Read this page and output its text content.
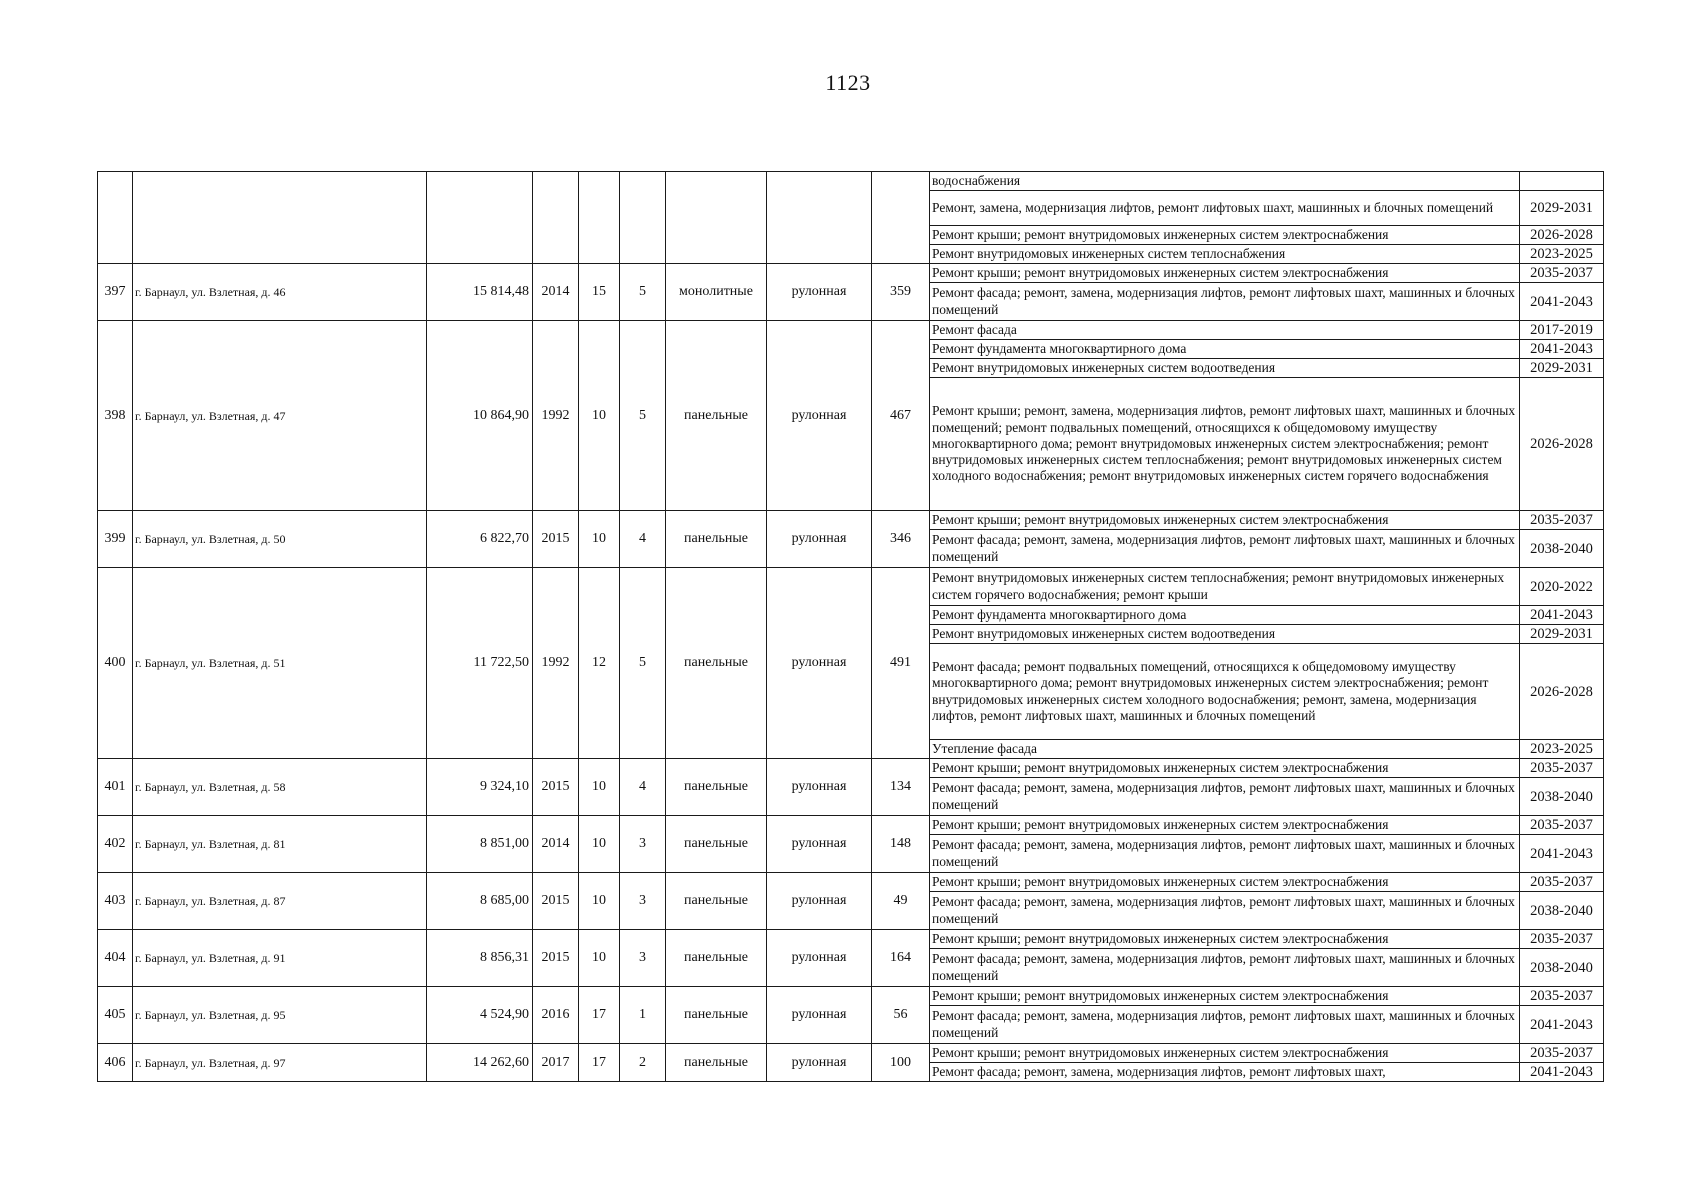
1123
									водоснабжения	
									Ремонт, замена, модернизация лифтов, ремонт лифтовых шахт, машинных и блочных помещений	2029-2031
									Ремонт крыши; ремонт внутридомовых инженерных систем электроснабжения	2026-2028
									Ремонт внутридомовых инженерных систем теплоснабжения	2023-2025
397	г. Барнаул, ул. Взлетная, д. 46	15 814,48	2014	15	5	монолитные	рулонная	359	Ремонт крыши; ремонт внутридомовых инженерных систем электроснабжения	2035-2037
									Ремонт фасада; ремонт, замена, модернизация лифтов, ремонт лифтовых шахт, машинных и блочных помещений	2041-2043
398	г. Барнаул, ул. Взлетная, д. 47	10 864,90	1992	10	5	панельные	рулонная	467	Ремонт фасада	2017-2019
									Ремонт фундамента многоквартирного дома	2041-2043
									Ремонт внутридомовых инженерных систем водоотведения	2029-2031
									Ремонт крыши; ремонт, замена, модернизация лифтов, ремонт лифтовых шахт, машинных и блочных помещений; ремонт подвальных помещений, относящихся к общедомовому имуществу многоквартирного дома; ремонт внутридомовых инженерных систем электроснабжения; ремонт внутридомовых инженерных систем теплоснабжения; ремонт внутридомовых инженерных систем холодного водоснабжения; ремонт внутридомовых инженерных систем горячего водоснабжения	2026-2028
399	г. Барнаул, ул. Взлетная, д. 50	6 822,70	2015	10	4	панельные	рулонная	346	Ремонт крыши; ремонт внутридомовых инженерных систем электроснабжения	2035-2037
									Ремонт фасада; ремонт, замена, модернизация лифтов, ремонт лифтовых шахт, машинных и блочных помещений	2038-2040
400	г. Барнаул, ул. Взлетная, д. 51	11 722,50	1992	12	5	панельные	рулонная	491	Ремонт внутридомовых инженерных систем теплоснабжения; ремонт внутридомовых инженерных систем горячего водоснабжения; ремонт крыши	2020-2022
									Ремонт фундамента многоквартирного дома	2041-2043
									Ремонт внутридомовых инженерных систем водоотведения	2029-2031
									Ремонт фасада; ремонт подвальных помещений, относящихся к общедомовому имуществу многоквартирного дома; ремонт внутридомовых инженерных систем электроснабжения; ремонт внутридомовых инженерных систем холодного водоснабжения; ремонт, замена, модернизация лифтов, ремонт лифтовых шахт, машинных и блочных помещений	2026-2028
									Утепление фасада	2023-2025
401	г. Барнаул, ул. Взлетная, д. 58	9 324,10	2015	10	4	панельные	рулонная	134	Ремонт крыши; ремонт внутридомовых инженерных систем электроснабжения	2035-2037
									Ремонт фасада; ремонт, замена, модернизация лифтов, ремонт лифтовых шахт, машинных и блочных помещений	2038-2040
402	г. Барнаул, ул. Взлетная, д. 81	8 851,00	2014	10	3	панельные	рулонная	148	Ремонт крыши; ремонт внутридомовых инженерных систем электроснабжения	2035-2037
									Ремонт фасада; ремонт, замена, модернизация лифтов, ремонт лифтовых шахт, машинных и блочных помещений	2041-2043
403	г. Барнаул, ул. Взлетная, д. 87	8 685,00	2015	10	3	панельные	рулонная	49	Ремонт крыши; ремонт внутридомовых инженерных систем электроснабжения	2035-2037
									Ремонт фасада; ремонт, замена, модернизация лифтов, ремонт лифтовых шахт, машинных и блочных помещений	2038-2040
404	г. Барнаул, ул. Взлетная, д. 91	8 856,31	2015	10	3	панельные	рулонная	164	Ремонт крыши; ремонт внутридомовых инженерных систем электроснабжения	2035-2037
									Ремонт фасада; ремонт, замена, модернизация лифтов, ремонт лифтовых шахт, машинных и блочных помещений	2038-2040
405	г. Барнаул, ул. Взлетная, д. 95	4 524,90	2016	17	1	панельные	рулонная	56	Ремонт крыши; ремонт внутридомовых инженерных систем электроснабжения	2035-2037
									Ремонт фасада; ремонт, замена, модернизация лифтов, ремонт лифтовых шахт, машинных и блочных помещений	2041-2043
406	г. Барнаул, ул. Взлетная, д. 97	14 262,60	2017	17	2	панельные	рулонная	100	Ремонт крыши; ремонт внутридомовых инженерных систем электроснабжения	2035-2037
									Ремонт фасада; ремонт, замена, модернизация лифтов, ремонт лифтовых шахт,	2041-2043
